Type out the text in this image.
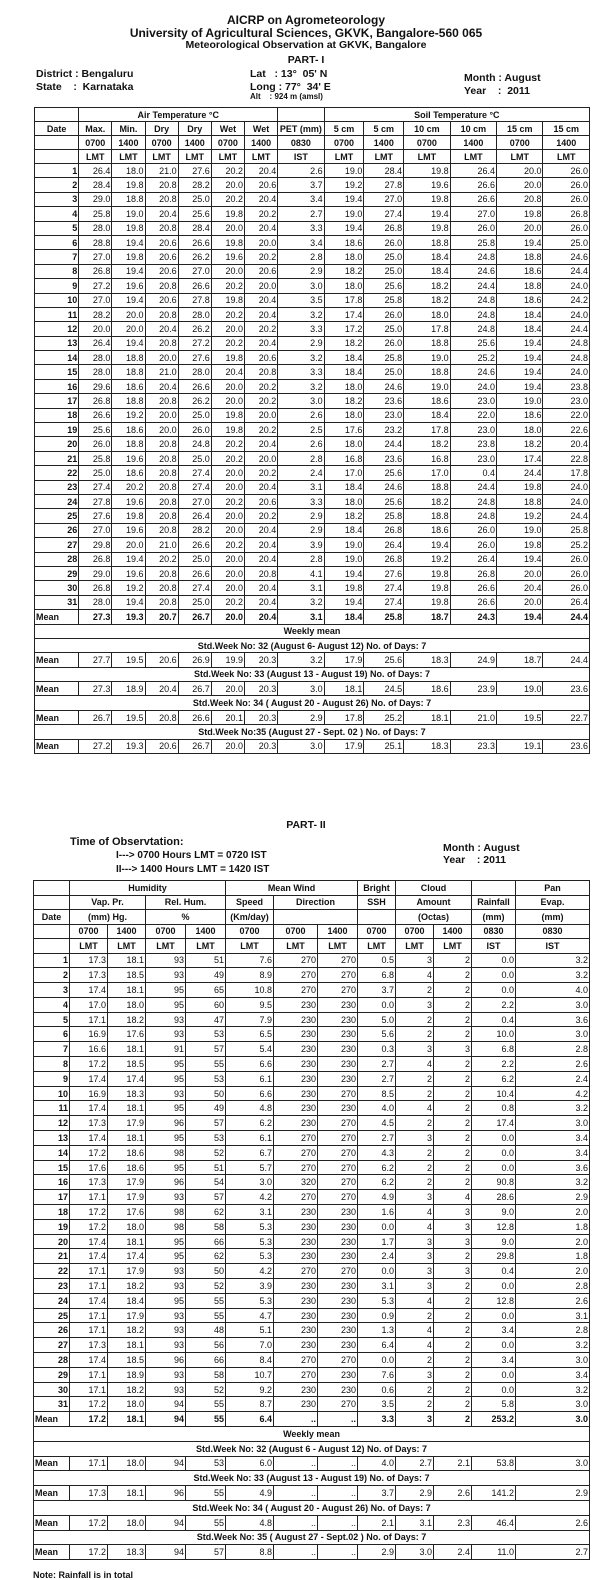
AICRP on Agrometeorology
University of Agricultural Sciences, GKVK, Bangalore-560 065
Meteorological Observation at GKVK, Bangalore
PART- I
District : Bengaluru
State    :  Karnataka
Lat   : 13°  05' N
Long : 77°  34' E
Alt    : 924 m (amsl)
Month : August
Year    :  2011
	Air Temperature °C							Soil Temperature °C					
Date	Max.	Min.	Dry	Dry	Wet	Wet	PET (mm)	5 cm	5 cm	10 cm	10 cm	15 cm	15 cm
	0700	1400	0700	1400	0700	1400	0830	0700	1400	0700	1400	0700	1400
	LMT	LMT	LMT	LMT	LMT	LMT	IST	LMT	LMT	LMT	LMT	LMT	LMT
1	26.4	18.0	21.0	27.6	20.2	20.4	2.6	19.0	28.4	19.8	26.4	20.0	26.0
2	28.4	19.8	20.8	28.2	20.0	20.6	3.7	19.2	27.8	19.6	26.6	20.0	26.0
3	29.0	18.8	20.8	25.0	20.2	20.4	3.4	19.4	27.0	19.8	26.6	20.8	26.0
4	25.8	19.0	20.4	25.6	19.8	20.2	2.7	19.0	27.4	19.4	27.0	19.8	26.8
5	28.0	19.8	20.8	28.4	20.0	20.4	3.3	19.4	26.8	19.8	26.0	20.0	26.0
6	28.8	19.4	20.6	26.6	19.8	20.0	3.4	18.6	26.0	18.8	25.8	19.4	25.0
7	27.0	19.8	20.6	26.2	19.6	20.2	2.8	18.0	25.0	18.4	24.8	18.8	24.6
8	26.8	19.4	20.6	27.0	20.0	20.6	2.9	18.2	25.0	18.4	24.6	18.6	24.4
9	27.2	19.6	20.8	26.6	20.2	20.0	3.0	18.0	25.6	18.2	24.4	18.8	24.0
10	27.0	19.4	20.6	27.8	19.8	20.4	3.5	17.8	25.8	18.2	24.8	18.6	24.2
11	28.2	20.0	20.8	28.0	20.2	20.4	3.2	17.4	26.0	18.0	24.8	18.4	24.0
12	20.0	20.0	20.4	26.2	20.0	20.2	3.3	17.2	25.0	17.8	24.8	18.4	24.4
13	26.4	19.4	20.8	27.2	20.2	20.4	2.9	18.2	26.0	18.8	25.6	19.4	24.8
14	28.0	18.8	20.0	27.6	19.8	20.6	3.2	18.4	25.8	19.0	25.2	19.4	24.8
15	28.0	18.8	21.0	28.0	20.4	20.8	3.3	18.4	25.0	18.8	24.6	19.4	24.0
16	29.6	18.6	20.4	26.6	20.0	20.2	3.2	18.0	24.6	19.0	24.0	19.4	23.8
17	26.8	18.8	20.8	26.2	20.0	20.2	3.0	18.2	23.6	18.6	23.0	19.0	23.0
18	26.6	19.2	20.0	25.0	19.8	20.0	2.6	18.0	23.0	18.4	22.0	18.6	22.0
19	25.6	18.6	20.0	26.0	19.8	20.2	2.5	17.6	23.2	17.8	23.0	18.0	22.6
20	26.0	18.8	20.8	24.8	20.2	20.4	2.6	18.0	24.4	18.2	23.8	18.2	20.4
21	25.8	19.6	20.8	25.0	20.2	20.0	2.8	16.8	23.6	16.8	23.0	17.4	22.8
22	25.0	18.6	20.8	27.4	20.0	20.2	2.4	17.0	25.6	17.0	0.4	24.4	17.8
23	27.4	20.2	20.8	27.4	20.0	20.4	3.1	18.4	24.6	18.8	24.4	19.8	24.0
24	27.8	19.6	20.8	27.0	20.2	20.6	3.3	18.0	25.6	18.2	24.8	18.8	24.0
25	27.6	19.8	20.8	26.4	20.0	20.2	2.9	18.2	25.8	18.8	24.8	19.2	24.4
26	27.0	19.6	20.8	28.2	20.0	20.4	2.9	18.4	26.8	18.6	26.0	19.0	25.8
27	29.8	20.0	21.0	26.6	20.2	20.4	3.9	19.0	26.4	19.4	26.0	19.8	25.2
28	26.8	19.4	20.2	25.0	20.0	20.4	2.8	19.0	26.8	19.2	26.4	19.4	26.0
29	29.0	19.6	20.8	26.6	20.0	20.8	4.1	19.4	27.6	19.8	26.8	20.0	26.0
30	26.8	19.2	20.8	27.4	20.0	20.4	3.1	19.8	27.4	19.8	26.6	20.4	26.0
31	28.0	19.4	20.8	25.0	20.2	20.4	3.2	19.4	27.4	19.8	26.6	20.0	26.4
Mean	27.3	19.3	20.7	26.7	20.0	20.4	3.1	18.4	25.8	18.7	24.3	19.4	24.4
Weekly mean													
Std.Week No: 32 (August 6- August 12) No. of Days: 7													
Mean	27.7	19.5	20.6	26.9	19.9	20.3	3.2	17.9	25.6	18.3	24.9	18.7	24.4
Std.Week No: 33 (August 13 - August 19) No. of Days: 7													
Mean	27.3	18.9	20.4	26.7	20.0	20.3	3.0	18.1	24.5	18.6	23.9	19.0	23.6
Std.Week No: 34 ( August 20 - August 26) No. of Days: 7													
Mean	26.7	19.5	20.8	26.6	20.1	20.3	2.9	17.8	25.2	18.1	21.0	19.5	22.7
Std.Week No:35 (August 27 - Sept. 02 ) No. of Days: 7													
Mean	27.2	19.3	20.6	26.7	20.0	20.3	3.0	17.9	25.1	18.3	23.3	19.1	23.6
PART- II
Time of Observtation:
I---> 0700 Hours LMT = 0720 IST
II---> 1400 Hours LMT = 1420 IST
Month : August
Year    : 2011
	Humidity				Mean Wind			Bright	Cloud			Pan
	Vap. Pr.		Rel. Hum.		Speed	Direction		SSH	Amount		Rainfall	Evap.
Date	(mm) Hg.		%		(Km/day)				(Octas)		(mm)	(mm)
	0700	1400	0700	1400	0700	0700	1400	0700	0700	1400	0830	0830
	LMT	LMT	LMT	LMT	LMT	LMT	LMT	LMT	LMT	LMT	IST	IST
1	17.3	18.1	93	51	7.6	270	270	0.5	3	2	0.0	3.2
2	17.3	18.5	93	49	8.9	270	270	6.8	4	2	0.0	3.2
3	17.4	18.1	95	65	10.8	270	270	3.7	2	2	0.0	4.0
4	17.0	18.0	95	60	9.5	230	230	0.0	3	2	2.2	3.0
5	17.1	18.2	93	47	7.9	230	230	5.0	2	2	0.4	3.6
6	16.9	17.6	93	53	6.5	230	230	5.6	2	2	10.0	3.0
7	16.6	18.1	91	57	5.4	230	230	0.3	3	3	6.8	2.8
8	17.2	18.5	95	55	6.6	230	230	2.7	4	2	2.2	2.6
9	17.4	17.4	95	53	6.1	230	230	2.7	2	2	6.2	2.4
10	16.9	18.3	93	50	6.6	230	270	8.5	2	2	10.4	4.2
11	17.4	18.1	95	49	4.8	230	230	4.0	4	2	0.8	3.2
12	17.3	17.9	96	57	6.2	230	270	4.5	2	2	17.4	3.0
13	17.4	18.1	95	53	6.1	270	270	2.7	3	2	0.0	3.4
14	17.2	18.6	98	52	6.7	270	270	4.3	2	2	0.0	3.4
15	17.6	18.6	95	51	5.7	270	270	6.2	2	2	0.0	3.6
16	17.3	17.9	96	54	3.0	320	270	6.2	2	2	90.8	3.2
17	17.1	17.9	93	57	4.2	270	270	4.9	3	4	28.6	2.9
18	17.2	17.6	98	62	3.1	230	230	1.6	4	3	9.0	2.0
19	17.2	18.0	98	58	5.3	230	230	0.0	4	3	12.8	1.8
20	17.4	18.1	95	66	5.3	230	230	1.7	3	3	9.0	2.0
21	17.4	17.4	95	62	5.3	230	230	2.4	3	2	29.8	1.8
22	17.1	17.9	93	50	4.2	270	270	0.0	3	3	0.4	2.0
23	17.1	18.2	93	52	3.9	230	230	3.1	3	2	0.0	2.8
24	17.4	18.4	95	55	5.3	230	230	5.3	4	2	12.8	2.6
25	17.1	17.9	93	55	4.7	230	230	0.9	2	2	0.0	3.1
26	17.1	18.2	93	48	5.1	230	230	1.3	4	2	3.4	2.8
27	17.3	18.1	93	56	7.0	230	230	6.4	4	2	0.0	3.2
28	17.4	18.5	96	66	8.4	270	270	0.0	2	2	3.4	3.0
29	17.1	18.9	93	58	10.7	270	230	7.6	3	2	0.0	3.4
30	17.1	18.2	93	52	9.2	230	230	0.6	2	2	0.0	3.2
31	17.2	18.0	94	55	8.7	230	270	3.5	2	2	5.8	3.0
Mean	17.2	18.1	94	55	6.4	..	..	3.3	3	2	253.2	3.0
Weekly mean												
Std.Week No: 32 (August 6 - August 12) No. of Days: 7												
Mean	17.1	18.0	94	53	6.0	..	..	4.0	2.7	2.1	53.8	3.0
Std.Week No: 33 (August 13 - August 19) No. of Days: 7												
Mean	17.3	18.1	96	55	4.9	..	..	3.7	2.9	2.6	141.2	2.9
Std.Week No: 34 ( August 20 - August 26) No. of Days: 7												
Mean	17.2	18.0	94	55	4.8	..	..	2.1	3.1	2.3	46.4	2.6
Std.Week No: 35 ( August 27 - Sept.02 ) No. of Days: 7												
Mean	17.2	18.3	94	57	8.8	..	..	2.9	3.0	2.4	11.0	2.7
Note: Rainfall is in total
